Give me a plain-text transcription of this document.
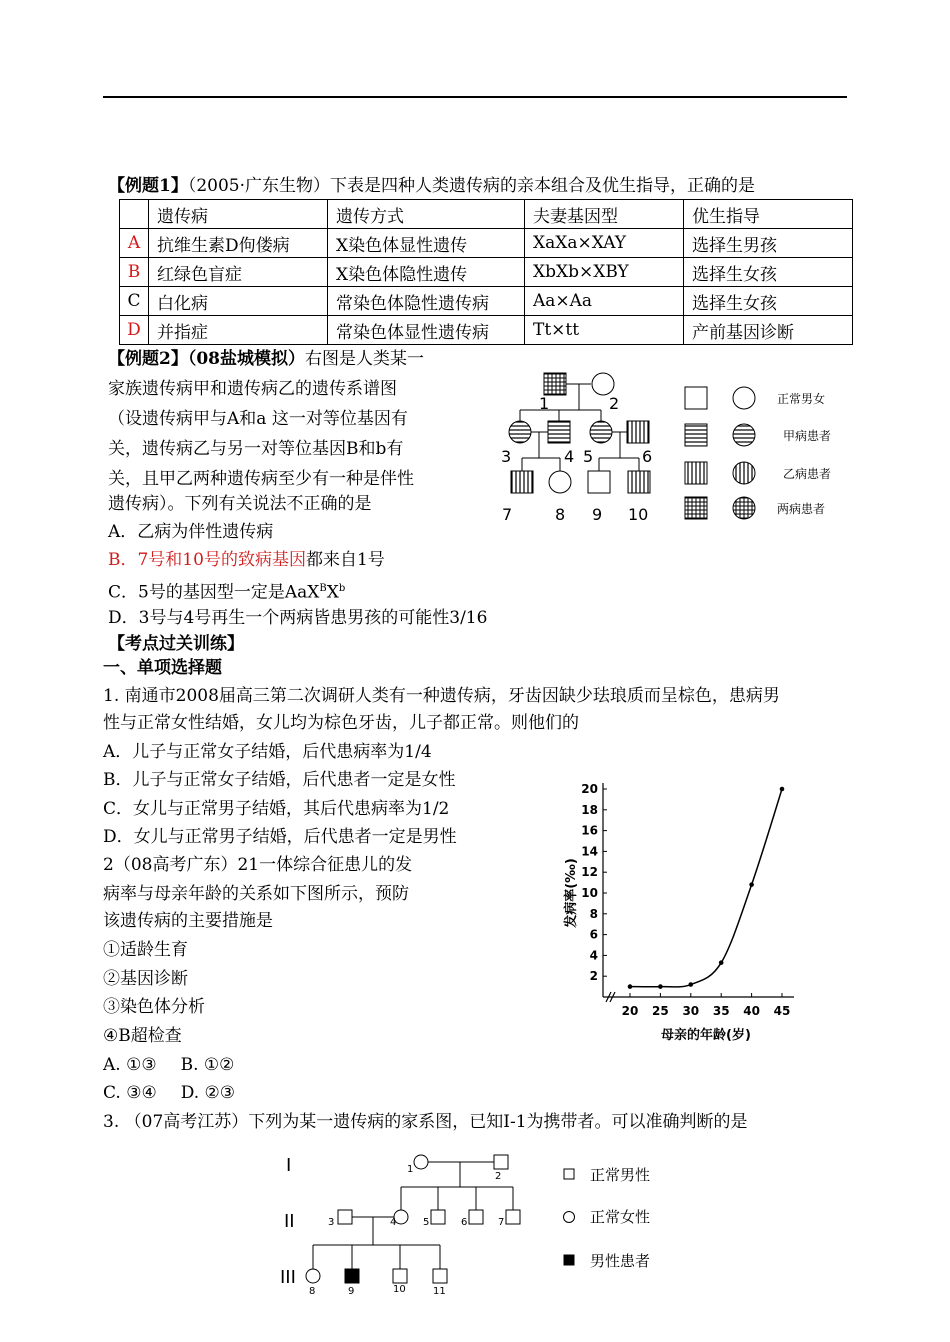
【例题1】（2005·广东生物）下表是四种人类遗传病的亲本组合及优生指导，正确的是
	遗传病	遗传方式	夫妻基因型	优生指导
A	抗维生素D佝偻病	X染色体显性遗传	XaXa×XAY	选择生男孩
B	红绿色盲症	X染色体隐性遗传	XbXb×XBY	选择生女孩
C	白化病	常染色体隐性遗传病	Aa×Aa	选择生女孩
D	并指症	常染色体显性遗传病	Tt×tt	产前基因诊断
【例题2】（08盐城模拟）右图是人类某一
家族遗传病甲和遗传病乙的遗传系谱图
（设遗传病甲与A和a 这一对等位基因有
关，遗传病乙与另一对等位基因B和b有
关，且甲乙两种遗传病至少有一种是伴性
遗传病）。下列有关说法不正确的是
A．乙病为伴性遗传病
B．7号和10号的致病基因都来自1号
C．5号的基因型一定是$AaX^BX^b$
D．3号与4号再生一个两病皆患男孩的可能性3/16
1	2
3	4 5	6
7	8 9 10
正常男女
甲病患者
乙病患者
两病患者
【考点过关训练】
一、单项选择题
1. 南通市2008届高三第二次调研人类有一种遗传病，牙齿因缺少珐琅质而呈棕色，患病男
性与正常女性结婚，女儿均为棕色牙齿，儿子都正常。则他们的
A．儿子与正常女子结婚，后代患病率为1/4
B．儿子与正常女子结婚，后代患者一定是女性
C．女儿与正常男子结婚，其后代患病率为1/2
D．女儿与正常男子结婚，后代患者一定是男性
2（08高考广东）21一体综合征患儿的发
病率与母亲年龄的关系如下图所示，预防
该遗传病的主要措施是
①适龄生育
②基因诊断
③染色体分析
④B超检查
A. ①③ B. ①②
C. ③④ D. ②③
2
4
6
8
10
12
14
16
18
20
20 25 30 35 40 45
发病率(‰)
母亲的年龄(岁)
3. （07高考江苏）下列为某一遗传病的家系图，已知I-1为携带者。可以准确判断的是
I
II
III
1
2
3	4	5	6	7
8	9	10	11
正常男性
正常女性
男性患者
